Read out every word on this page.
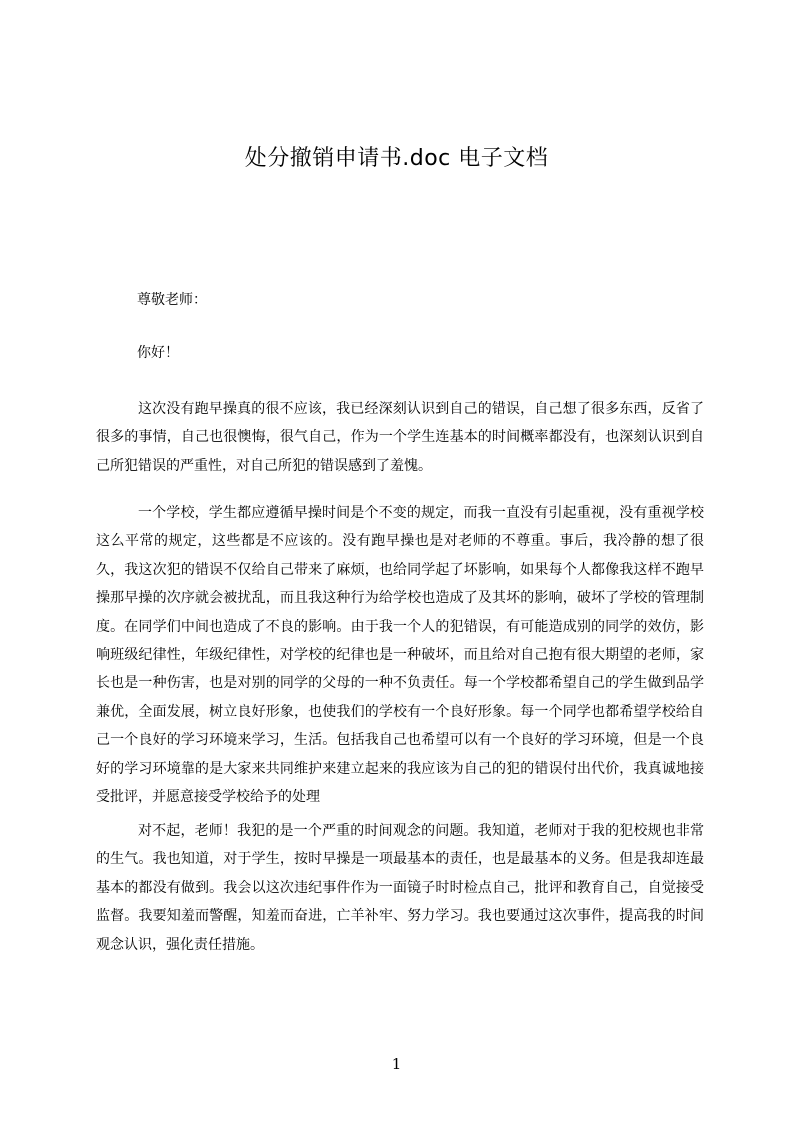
处分撤销申请书.doc 电子文档
尊敬老师：
你好！
这次没有跑早操真的很不应该，我已经深刻认识到自己的错误，自己想了很多东西，反省了很多的事情，自己也很懊悔，很气自己，作为一个学生连基本的时间概率都没有，也深刻认识到自己所犯错误的严重性，对自己所犯的错误感到了羞愧。
一个学校，学生都应遵循早操时间是个不变的规定，而我一直没有引起重视，没有重视学校这么平常的规定，这些都是不应该的。没有跑早操也是对老师的不尊重。事后，我冷静的想了很久，我这次犯的错误不仅给自己带来了麻烦，也给同学起了坏影响，如果每个人都像我这样不跑早操那早操的次序就会被扰乱，而且我这种行为给学校也造成了及其坏的影响，破坏了学校的管理制度。在同学们中间也造成了不良的影响。由于我一个人的犯错误，有可能造成别的同学的效仿，影响班级纪律性，年级纪律性，对学校的纪律也是一种破坏，而且给对自己抱有很大期望的老师，家长也是一种伤害，也是对别的同学的父母的一种不负责任。每一个学校都希望自己的学生做到品学兼优，全面发展，树立良好形象，也使我们的学校有一个良好形象。每一个同学也都希望学校给自己一个良好的学习环境来学习，生活。包括我自己也希望可以有一个良好的学习环境，但是一个良好的学习环境靠的是大家来共同维护来建立起来的我应该为自己的犯的错误付出代价，我真诚地接受批评，并愿意接受学校给予的处理
对不起，老师！我犯的是一个严重的时间观念的问题。我知道，老师对于我的犯校规也非常的生气。我也知道，对于学生，按时早操是一项最基本的责任，也是最基本的义务。但是我却连最基本的都没有做到。我会以这次违纪事件作为一面镜子时时检点自己，批评和教育自己，自觉接受监督。我要知羞而警醒，知羞而奋进，亡羊补牢、努力学习。我也要通过这次事件，提高我的时间观念认识，强化责任措施。
1
